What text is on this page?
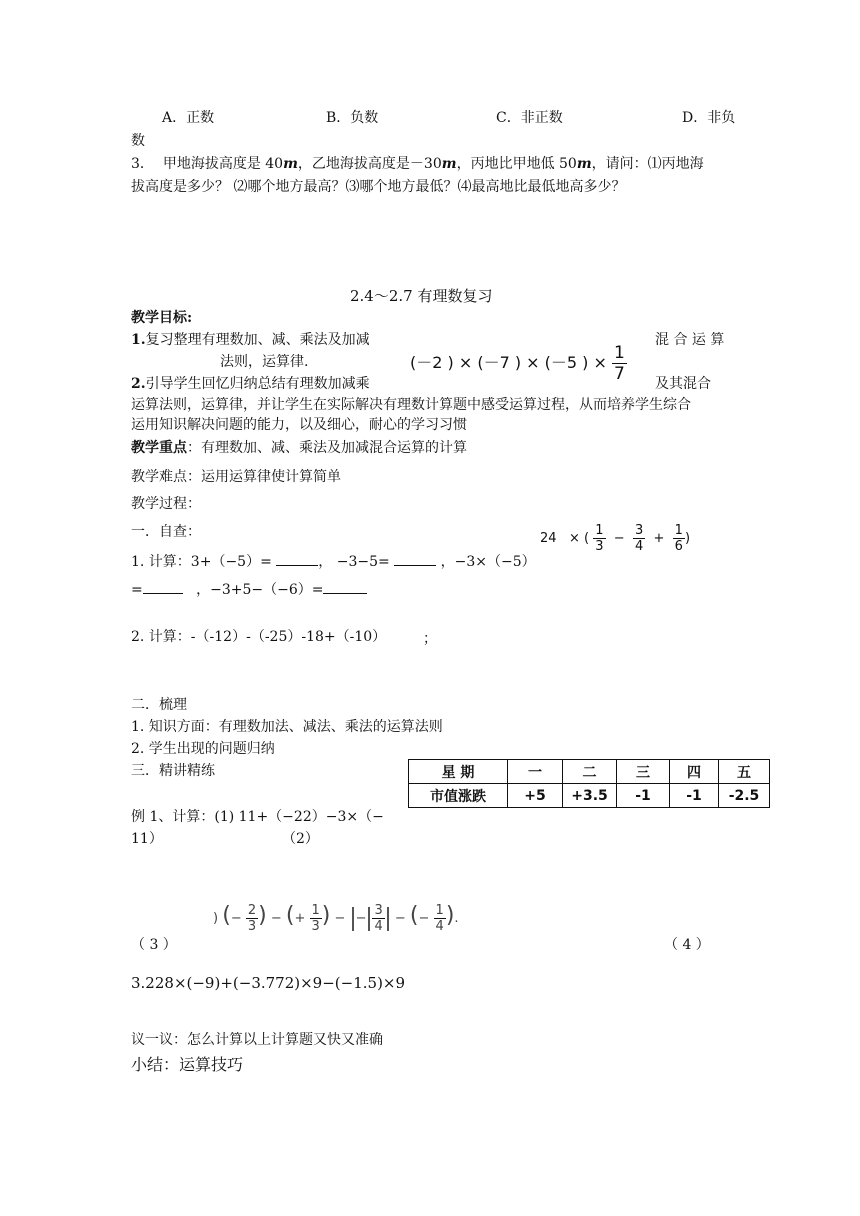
A．正数	B．负数	C．非正数	D．非负
数
3． 甲地海拔高度是 40m，乙地海拔高度是－30m，丙地比甲地低 50m，请问：⑴丙地海
拔高度是多少？ ⑵哪个地方最高？⑶哪个地方最低？⑷最高地比最低地高多少？
2.4～2.7 有理数复习
教学目标:
1.复习整理有理数加、减、乘法及加减	混 合 运 算
法则，运算律.	(－2 ) × (－7 ) × (－5 ) × $\frac{1}{7}$
2.引导学生回忆归纳总结有理数加减乘	及其混合
运算法则，运算律，并让学生在实际解决有理数计算题中感受运算过程，从而培养学生综合
运用知识解决问题的能力，以及细心，耐心的学习习惯
教学重点：有理数加、减、乘法及加减混合运算的计算
教学难点：运用运算律使计算简单
教学过程：
一．自查：
1. 计算：3+（−5）=	， −3−5=	，−3×（−5）
=	，−3+5−（−6）=
24 × ( $\frac{1}{3} - \frac{3}{4} + \frac{1}{6}$ )
2. 计算：-（-12）-（-25）-18+（-10）	；
二．梳理
1. 知识方面：有理数加法、减法、乘法的运算法则
2. 学生出现的问题归纳
三．精讲精练	星 期	一	二	三	四	五
市值涨跌	+5	+3.5	-1	-1	-2.5
例 1、计算：(1) 11+（−22）−3×（−
11）	（2）
（ 3 ）
) (− $\frac{2}{3}$ ) − (+ $\frac{1}{3}$ ) − − $\frac{3}{4}$ − (− $\frac{1}{4}$ ).
（ 4 ）
3.228×(−9)+(−3.772)×9−(−1.5)×9
议一议：怎么计算以上计算题又快又准确
小结：运算技巧
